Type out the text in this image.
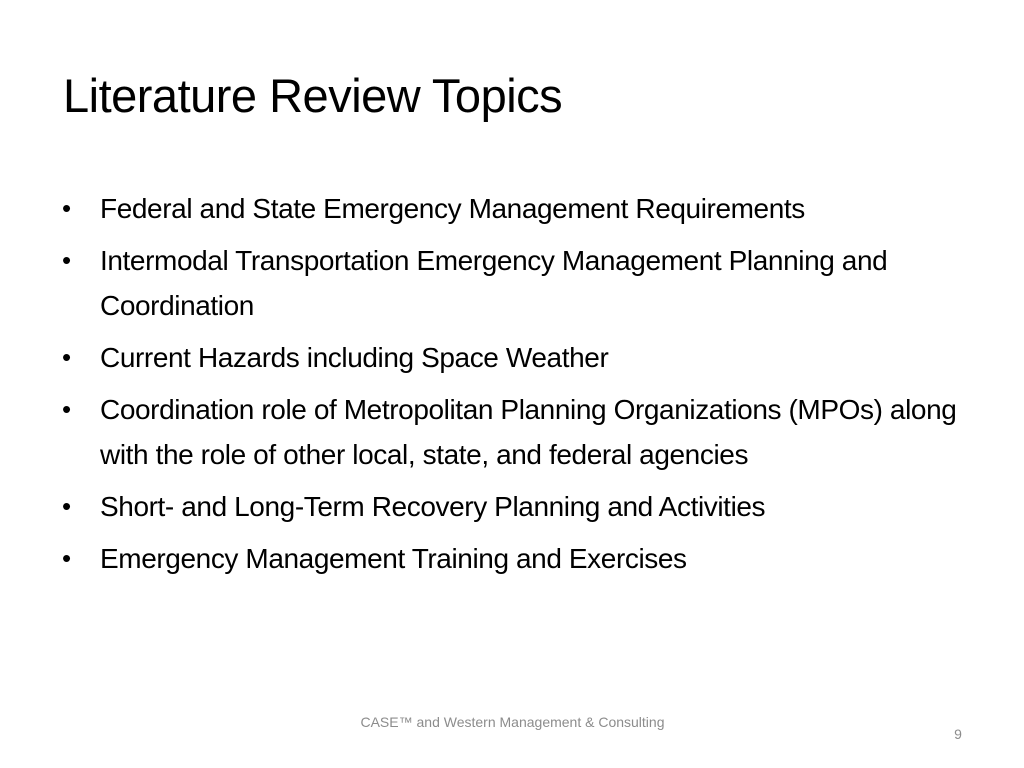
Literature Review Topics
• Federal and State Emergency Management Requirements
• Intermodal Transportation Emergency Management Planning and Coordination
• Current Hazards including Space Weather
• Coordination role of Metropolitan Planning Organizations (MPOs) along with the role of other local, state, and federal agencies
• Short- and Long-Term Recovery Planning and Activities
• Emergency Management Training and Exercises
CASE™ and Western Management & Consulting
9
